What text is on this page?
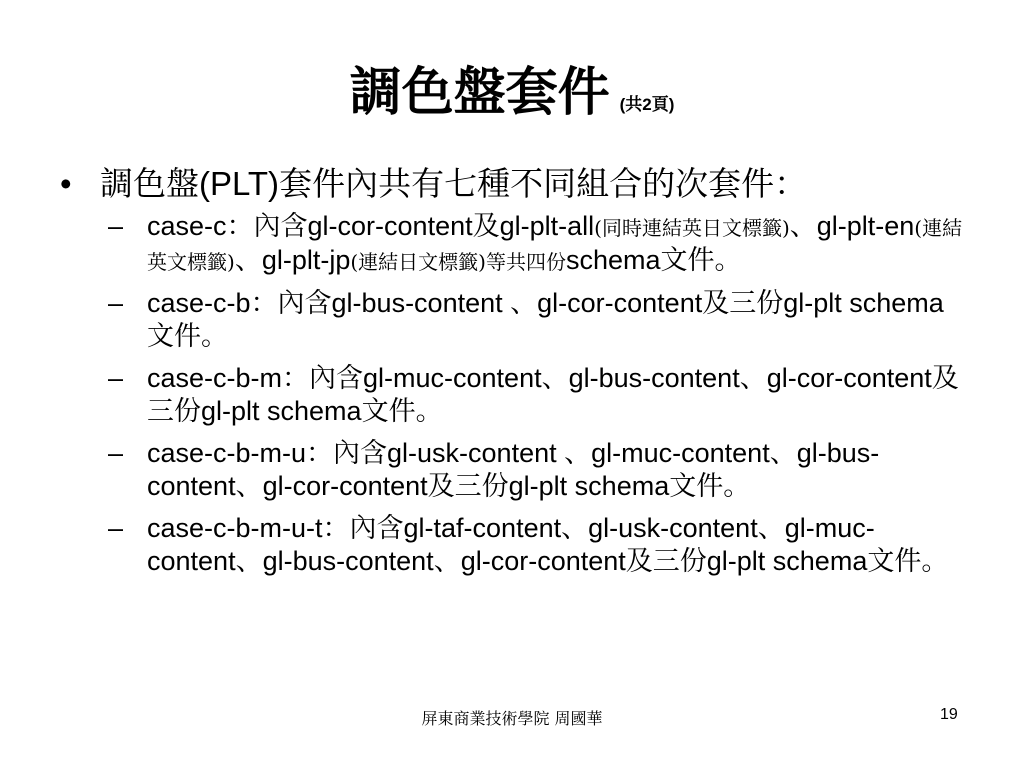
調色盤套件 (共2頁)
• 調色盤(PLT)套件內共有七種不同組合的次套件：
– case-c：內含gl-cor-content及gl-plt-all(同時連結英日文標籤)、gl-plt-en(連結英文標籤)、gl-plt-jp(連結日文標籤)等共四份schema文件。
– case-c-b：內含gl-bus-content 、gl-cor-content及三份gl-plt schema文件。
– case-c-b-m：內含gl-muc-content、gl-bus-content、gl-cor-content及三份gl-plt schema文件。
– case-c-b-m-u：內含gl-usk-content 、gl-muc-content、gl-bus-content、gl-cor-content及三份gl-plt schema文件。
– case-c-b-m-u-t：內含gl-taf-content、gl-usk-content、gl-muc-content、gl-bus-content、gl-cor-content及三份gl-plt schema文件。
屏東商業技術學院 周國華	19
